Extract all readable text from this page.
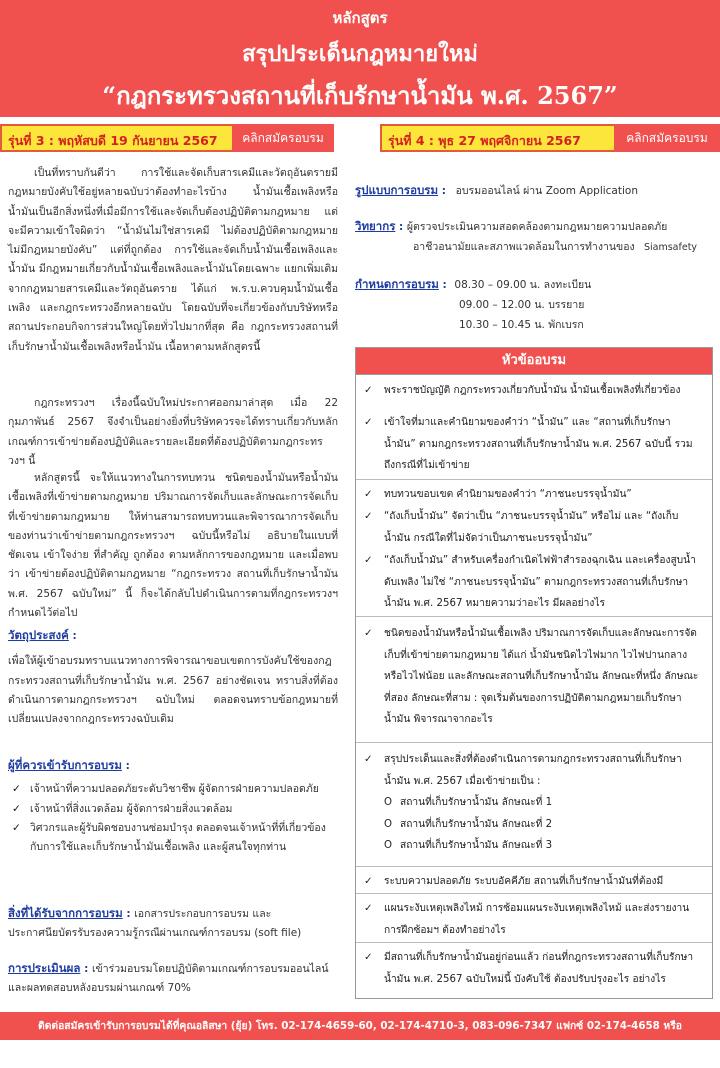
หลักสูตร
สรุปประเด็นกฎหมายใหม่
“กฎกระทรวงสถานที่เก็บรักษาน้ำมัน พ.ศ. 2567”
รุ่นที่ 3 : พฤหัสบดี 19 กันยายน 2567	คลิกสมัครอบรม	รุ่นที่ 4 : พุธ 27 พฤศจิกายน 2567	คลิกสมัครอบรม

เป็นที่ทราบกันดีว่า การใช้และจัดเก็บสารเคมีและวัตถุอันตรายมีกฎหมายบังคับใช้อยู่หลายฉบับว่าต้องทำอะไรบ้าง น้ำมันเชื้อเพลิงหรือน้ำมันเป็นอีกสิ่งหนึ่งที่เมื่อมีการใช้และจัดเก็บต้องปฏิบัติตามกฎหมาย แต่จะมีความเข้าใจผิดว่า “น้ำมันไม่ใช่สารเคมี ไม่ต้องปฏิบัติตามกฎหมาย ไม่มีกฎหมายบังคับ” แต่ที่ถูกต้อง การใช้และจัดเก็บน้ำมันเชื้อเพลิงและน้ำมัน มีกฎหมายเกี่ยวกับน้ำมันเชื้อเพลิงและน้ำมันโดยเฉพาะ แยกเพิ่มเติมจากกฎหมายสารเคมีและวัตถุอันตราย ได้แก่ พ.ร.บ.ควบคุมน้ำมันเชื้อเพลิง และกฎกระทรวงอีกหลายฉบับ โดยฉบับที่จะเกี่ยวข้องกับบริษัทหรือสถานประกอบกิจการส่วนใหญ่โดยทั่วไปมากที่สุด คือ กฎกระทรวงสถานที่เก็บรักษาน้ำมันเชื้อเพลิงหรือน้ำมัน เนื้อหาตามหลักสูตรนี้

กฎกระทรวงฯ เรื่องนี้ฉบับใหม่ประกาศออกมาล่าสุด เมื่อ 22 กุมภาพันธ์ 2567 จึงจำเป็นอย่างยิ่งที่บริษัทควรจะได้ทราบเกี่ยวกับหลักเกณฑ์การเข้าข่ายต้องปฏิบัติและรายละเอียดที่ต้องปฏิบัติตามกฎกระทรวงฯ นี้

หลักสูตรนี้ จะให้แนวทางในการทบทวน ชนิดของน้ำมันหรือน้ำมันเชื้อเพลิงที่เข้าข่ายตามกฎหมาย ปริมาณการจัดเก็บและลักษณะการจัดเก็บที่เข้าข่ายตามกฎหมาย ให้ท่านสามารถทบทวนและพิจารณาการจัดเก็บของท่านว่าเข้าข่ายตามกฎกระทรวงฯ ฉบับนี้หรือไม่ อธิบายในแบบที่ชัดเจน เข้าใจง่าย ที่สำคัญ ถูกต้อง ตามหลักการของกฎหมาย และเมื่อพบว่า เข้าข่ายต้องปฏิบัติตามกฎหมาย “กฎกระทรวง สถานที่เก็บรักษาน้ำมัน พ.ศ. 2567 ฉบับใหม่” นี้ ก็จะได้กลับไปดำเนินการตามที่กฎกระทรวงฯ กำหนดไว้ต่อไป

วัตถุประสงค์ :
เพื่อให้ผู้เข้าอบรมทราบแนวทางการพิจารณาขอบเขตการบังคับใช้ของกฎกระทรวงสถานที่เก็บรักษาน้ำมัน พ.ศ. 2567 อย่างชัดเจน ทราบสิ่งที่ต้องดำเนินการตามกฎกระทรวงฯ ฉบับใหม่ ตลอดจนทราบข้อกฎหมายที่เปลี่ยนแปลงจากกฎกระทรวงฉบับเดิม
ผู้ที่ควรเข้ารับการอบรม :
✓ เจ้าหน้าที่ความปลอดภัยระดับวิชาชีพ ผู้จัดการฝ่ายความปลอดภัย
✓ เจ้าหน้าที่สิ่งแวดล้อม ผู้จัดการฝ่ายสิ่งแวดล้อม
✓ วิศวกรและผู้รับผิดชอบงานซ่อมบำรุง ตลอดจนเจ้าหน้าที่ที่เกี่ยวข้องกับการใช้และเก็บรักษาน้ำมันเชื้อเพลิง และผู้สนใจทุกท่าน
สิ่งที่ได้รับจากการอบรม : เอกสารประกอบการอบรม และประกาศนียบัตรรับรองความรู้กรณีผ่านเกณฑ์การอบรม (soft file)
การประเมินผล : เข้าร่วมอบรมโดยปฏิบัติตามเกณฑ์การอบรมออนไลน์และผลทดสอบหลังอบรมผ่านเกณฑ์ 70%
รูปแบบการอบรม : อบรมออนไลน์ ผ่าน Zoom Application
วิทยากร : ผู้ตรวจประเมินความสอดคล้องตามกฎหมายความปลอดภัย
อาชีวอนามัยและสภาพแวดล้อมในการทำงานของ Siamsafety
กำหนดการอบรม : 08.30 – 09.00 น. ลงทะเบียน
09.00 – 12.00 น. บรรยาย
10.30 – 10.45 น. พักเบรก
หัวข้ออบรม
✓ พระราชบัญญัติ กฎกระทรวงเกี่ยวกับน้ำมัน น้ำมันเชื้อเพลิงที่เกี่ยวข้อง
✓ เข้าใจที่มาและคำนิยามของคำว่า “น้ำมัน” และ “สถานที่เก็บรักษาน้ำมัน” ตามกฎกระทรวงสถานที่เก็บรักษาน้ำมัน พ.ศ. 2567 ฉบับนี้ รวมถึงกรณีที่ไม่เข้าข่าย
✓ ทบทวนขอบเขต คำนิยามของคำว่า “ภาชนะบรรจุน้ำมัน”
✓ “ถังเก็บน้ำมัน” จัดว่าเป็น “ภาชนะบรรจุน้ำมัน” หรือไม่ และ “ถังเก็บน้ำมัน กรณีใดที่ไม่จัดว่าเป็นภาชนะบรรจุน้ำมัน”
✓ “ถังเก็บน้ำมัน” สำหรับเครื่องกำเนิดไฟฟ้าสำรองฉุกเฉิน และเครื่องสูบน้ำดับเพลิง ไม่ใช่ “ภาชนะบรรจุน้ำมัน” ตามกฎกระทรวงสถานที่เก็บรักษาน้ำมัน พ.ศ. 2567 หมายความว่าอะไร มีผลอย่างไร
✓ ชนิดของน้ำมันหรือน้ำมันเชื้อเพลิง ปริมาณการจัดเก็บและลักษณะการจัดเก็บที่เข้าข่ายตามกฎหมาย ได้แก่ น้ำมันชนิดไวไฟมาก ไวไฟปานกลาง หรือไวไฟน้อย และลักษณะสถานที่เก็บรักษาน้ำมัน ลักษณะที่หนึ่ง ลักษณะที่สอง ลักษณะที่สาม : จุดเริ่มต้นของการปฏิบัติตามกฎหมายเก็บรักษาน้ำมัน พิจารณาจากอะไร
✓ สรุปประเด็นและสิ่งที่ต้องดำเนินการตามกฎกระทรวงสถานที่เก็บรักษาน้ำมัน พ.ศ. 2567 เมื่อเข้าข่ายเป็น :
O สถานที่เก็บรักษาน้ำมัน ลักษณะที่ 1
O สถานที่เก็บรักษาน้ำมัน ลักษณะที่ 2
O สถานที่เก็บรักษาน้ำมัน ลักษณะที่ 3
✓ ระบบความปลอดภัย ระบบอัคคีภัย สถานที่เก็บรักษาน้ำมันที่ต้องมี
✓ แผนระงับเหตุเพลิงไหม้ การซ้อมแผนระงับเหตุเพลิงไหม้ และส่งรายงานการฝึกซ้อมฯ ต้องทำอย่างไร
✓ มีสถานที่เก็บรักษาน้ำมันอยู่ก่อนแล้ว ก่อนที่กฎกระทรวงสถานที่เก็บรักษาน้ำมัน พ.ศ. 2567 ฉบับใหม่นี้ บังคับใช้ ต้องปรับปรุงอะไร อย่างไร
ติดต่อสมัครเข้ารับการอบรมได้ที่คุณอลิสษา (ยุ้ย) โทร. 02-174-4659-60, 02-174-4710-3, 083-096-7347 แฟกซ์ 02-174-4658 หรือ myadmin@siamsafety.com
